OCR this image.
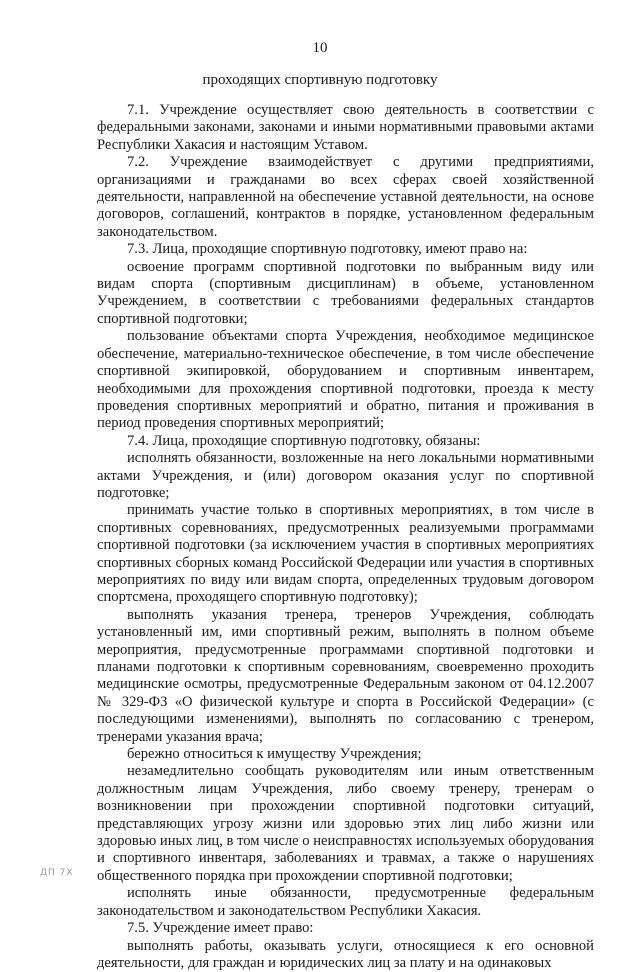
10
проходящих спортивную подготовку

7.1. Учреждение осуществляет свою деятельность в соответствии с федеральными законами, законами и иными нормативными правовыми актами Республики Хакасия и настоящим Уставом.

7.2. Учреждение взаимодействует с другими предприятиями, организациями и гражданами во всех сферах своей хозяйственной деятельности, направленной на обеспечение уставной деятельности, на основе договоров, соглашений, контрактов в порядке, установленном федеральным законодательством.

7.3. Лица, проходящие спортивную подготовку, имеют право на:

освоение программ спортивной подготовки по выбранным виду или видам спорта (спортивным дисциплинам) в объеме, установленном Учреждением, в соответствии с требованиями федеральных стандартов спортивной подготовки;

пользование объектами спорта Учреждения, необходимое медицинское обеспечение, материально-техническое обеспечение, в том числе обеспечение спортивной экипировкой, оборудованием и спортивным инвентарем, необходимыми для прохождения спортивной подготовки, проезда к месту проведения спортивных мероприятий и обратно, питания и проживания в период проведения спортивных мероприятий;

7.4. Лица, проходящие спортивную подготовку, обязаны:

исполнять обязанности, возложенные на него локальными нормативными актами Учреждения, и (или) договором оказания услуг по спортивной подготовке;

принимать участие только в спортивных мероприятиях, в том числе в спортивных соревнованиях, предусмотренных реализуемыми программами спортивной подготовки (за исключением участия в спортивных мероприятиях спортивных сборных команд Российской Федерации или участия в спортивных мероприятиях по виду или видам спорта, определенных трудовым договором спортсмена, проходящего спортивную подготовку);

выполнять указания тренера, тренеров Учреждения, соблюдать установленный им, ими спортивный режим, выполнять в полном объеме мероприятия, предусмотренные программами спортивной подготовки и планами подготовки к спортивным соревнованиям, своевременно проходить медицинские осмотры, предусмотренные Федеральным законом от 04.12.2007 № 329-ФЗ «О физической культуре и спорта в Российской Федерации» (с последующими изменениями), выполнять по согласованию с тренером, тренерами указания врача;

бережно относиться к имуществу Учреждения;

незамедлительно сообщать руководителям или иным ответственным должностным лицам Учреждения, либо своему тренеру, тренерам о возникновении при прохождении спортивной подготовки ситуаций, представляющих угрозу жизни или здоровью этих лиц либо жизни или здоровью иных лиц, в том числе о неисправностях используемых оборудования и спортивного инвентаря, заболеваниях и травмах, а также о нарушениях общественного порядка при прохождении спортивной подготовки;

исполнять иные обязанности, предусмотренные федеральным законодательством и законодательством Республики Хакасия.

7.5. Учреждение имеет право:

выполнять работы, оказывать услуги, относящиеся к его основной деятельности, для граждан и юридических лиц за плату и на одинаковых

ДП 7Х
